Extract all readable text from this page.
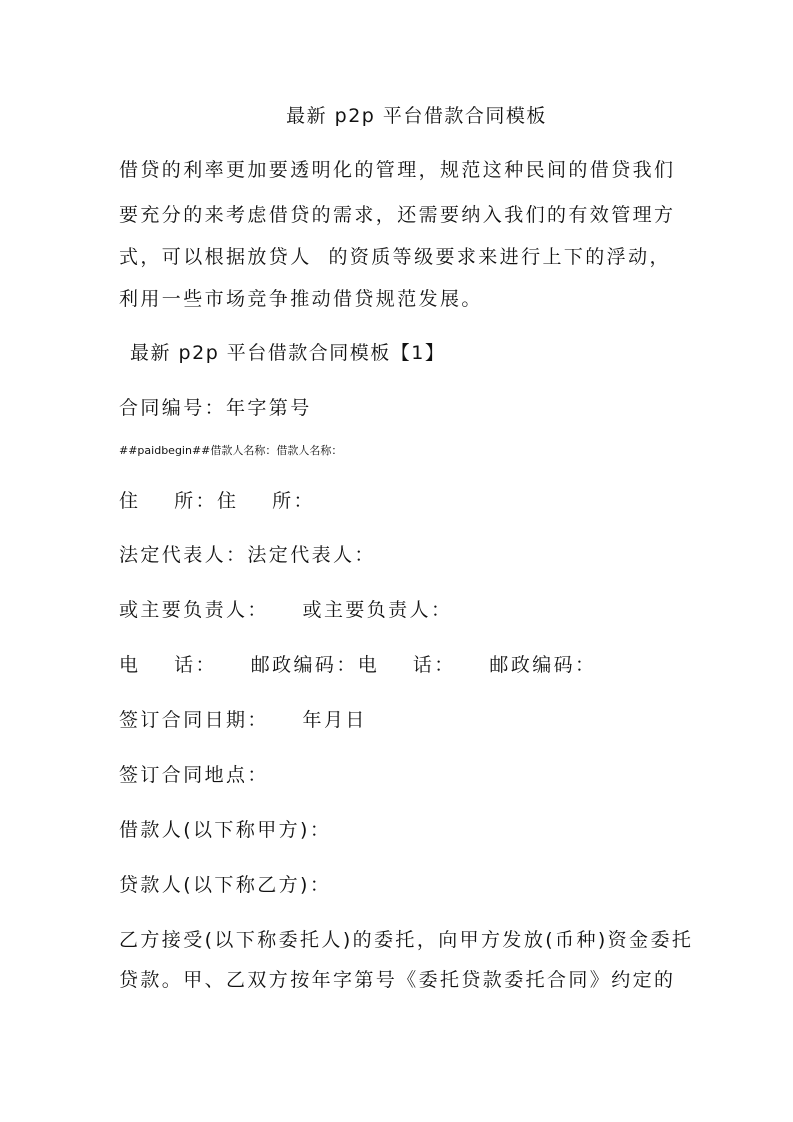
最新 p2p 平台借款合同模板
借贷的利率更加要透明化的管理，规范这种民间的借贷我们
要充分的来考虑借贷的需求，还需要纳入我们的有效管理方
式，可以根据放贷人  的资质等级要求来进行上下的浮动，
利用一些市场竞争推动借贷规范发展。
最新 p2p 平台借款合同模板【1】
合同编号：年字第号
##paidbegin##借款人名称：借款人名称：
住    所：住    所：
法定代表人：法定代表人：
或主要负责人：    或主要负责人：
电    话：    邮政编码：电    话：    邮政编码：
签订合同日期：    年月日
签订合同地点：
借款人(以下称甲方)：
贷款人(以下称乙方)：
乙方接受(以下称委托人)的委托，向甲方发放(币种)资金委托
贷款。甲、乙双方按年字第号《委托贷款委托合同》约定的
